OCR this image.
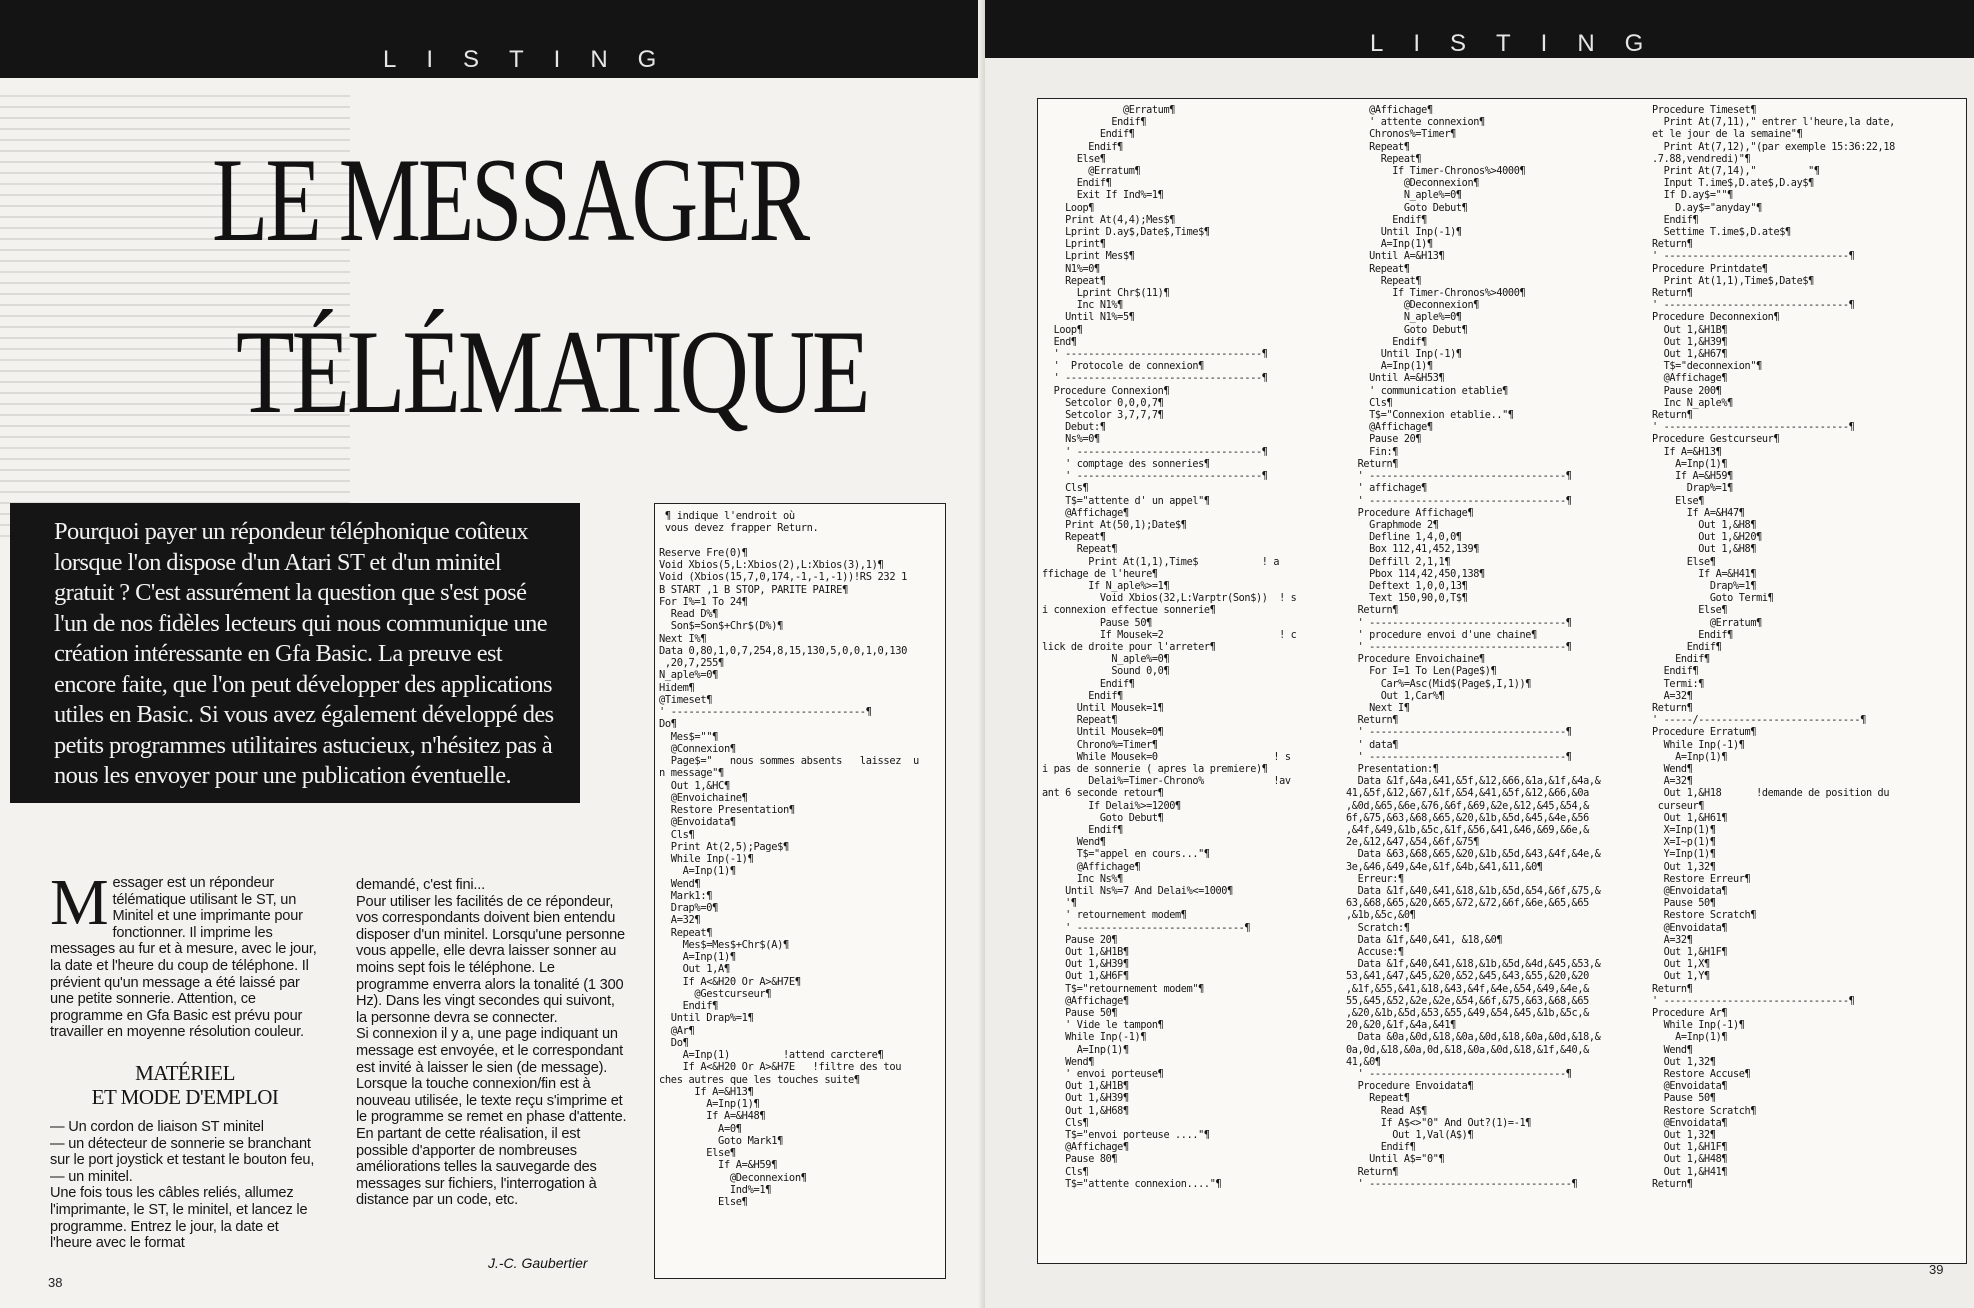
LISTING
LE MESSAGER
TÉLÉMATIQUE
Pourquoi payer un répondeur téléphonique coûteux lorsque l'on dispose d'un Atari ST et d'un minitel gratuit ? C'est assurément la question que s'est posé l'un de nos fidèles lecteurs qui nous communique une création intéressante en Gfa Basic. La preuve est encore faite, que l'on peut développer des applications utiles en Basic. Si vous avez également développé des petits programmes utilitaires astucieux, n'hésitez pas à nous les envoyer pour une publication éventuelle.

Messager est un répondeur télématique utilisant le ST, un Minitel et une imprimante pour fonctionner. Il imprime les messages au fur et à mesure, avec le jour, la date et l'heure du coup de téléphone. Il prévient qu'un message a été laissé par une petite sonnerie. Attention, ce programme en Gfa Basic est prévu pour travailler en moyenne résolution couleur.

MATÉRIEL
ET MODE D'EMPLOI

— Un cordon de liaison ST minitel
— un détecteur de sonnerie se branchant sur le port joystick et testant le bouton feu,
— un minitel.
Une fois tous les câbles reliés, allumez l'imprimante, le ST, le minitel, et lancez le programme. Entrez le jour, la date et l'heure avec le format

demandé, c'est fini...
Pour utiliser les facilités de ce répondeur, vos correspondants doivent bien entendu disposer d'un minitel. Lorsqu'une personne vous appelle, elle devra laisser sonner au moins sept fois le téléphone. Le programme enverra alors la tonalité (1 300 Hz). Dans les vingt secondes qui suivont, la personne devra se connecter.
Si connexion il y a, une page indiquant un message est envoyée, et le correspondant est invité à laisser le sien (de message). Lorsque la touche connexion/fin est à nouveau utilisée, le texte reçu s'imprime et le programme se remet en phase d'attente.
En partant de cette réalisation, il est possible d'apporter de nombreuses améliorations telles la sauvegarde des messages sur fichiers, l'interrogation à distance par un code, etc.
J.-C. Gaubertier
¶ indique l'endroit où
vous devez frapper Return.

Reserve Fre(0)¶
Void Xbios(5,L:Xbios(2),L:Xbios(3),1)¶
Void (Xbios(15,7,0,174,-1,-1,-1))!RS 232 1
B START ,1 B STOP, PARITE PAIRE¶
For I%=1 To 24¶
Read D%¶
Son$=Son$+Chr$(D%)¶
Next I%¶
Data 0,80,1,0,7,254,8,15,130,5,0,0,1,0,130
,20,7,255¶
N_aple%=0¶
Hidem¶
@Timeset¶
' ---------------------------------¶
Do¶
Mes$=""¶
@Connexion¶
Page$="   nous sommes absents   laissez  u
n message"¶
Out 1,&HC¶
@Envoichaine¶
Restore Presentation¶
@Envoidata¶
Cls¶
Print At(2,5);Page$¶
While Inp(-1)¶
A=Inp(1)¶
Wend¶
Mark1:¶
Drap%=0¶
A=32¶
Repeat¶
Mes$=Mes$+Chr$(A)¶
A=Inp(1)¶
Out 1,A¶
If A<&H20 Or A>&H7E¶
@Gestcurseur¶
Endif¶
Until Drap%=1¶
@Ar¶
Do¶
A=Inp(1)         !attend carctere¶
If A<&H20 Or A>&H7E   !filtre des tou
ches autres que les touches suite¶
If A=&H13¶
A=Inp(1)¶
If A=&H48¶
A=0¶
Goto Mark1¶
Else¶
If A=&H59¶
@Deconnexion¶
Ind%=1¶
Else¶
38
LISTING
@Erratum¶
Endif¶
Endif¶
Endif¶
Else¶
@Erratum¶
Endif¶
Exit If Ind%=1¶
Loop¶
Print At(4,4);Mes$¶
Lprint D.ay$,Date$,Time$¶
Lprint¶
Lprint Mes$¶
N1%=0¶
Repeat¶
Lprint Chr$(11)¶
Inc N1%¶
Until N1%=5¶
Loop¶
End¶
' ----------------------------------¶
'  Protocole de connexion¶
' ----------------------------------¶
Procedure Connexion¶
Setcolor 0,0,0,7¶
Setcolor 3,7,7,7¶
Debut:¶
Ns%=0¶
' --------------------------------¶
' comptage des sonneries¶
' --------------------------------¶
Cls¶
T$="attente d' un appel"¶
@Affichage¶
Print At(50,1);Date$¶
Repeat¶
Repeat¶
Print At(1,1),Time$           ! a
ffichage de l'heure¶
If N_aple%>=1¶
Void Xbios(32,L:Varptr(Son$))  ! s
i connexion effectue sonnerie¶
Pause 50¶
If Mousek=2                    ! c
lick de droite pour l'arreter¶
N_aple%=0¶
Sound 0,0¶
Endif¶
Endif¶
Until Mousek=1¶
Repeat¶
Until Mousek=0¶
Chrono%=Timer¶
While Mousek=0                    ! s
i pas de sonnerie ( apres la premiere)¶
Delai%=Timer-Chrono%            !av
ant 6 seconde retour¶
If Delai%>=1200¶
Goto Debut¶
Endif¶
Wend¶
T$="appel en cours..."¶
@Affichage¶
Inc Ns%¶
Until Ns%=7 And Delai%<=1000¶
'¶
' retournement modem¶
' -----------------------------¶
Pause 20¶
Out 1,&H1B¶
Out 1,&H39¶
Out 1,&H6F¶
T$="retournement modem"¶
@Affichage¶
Pause 50¶
' Vide le tampon¶
While Inp(-1)¶
A=Inp(1)¶
Wend¶
' envoi porteuse¶
Out 1,&H1B¶
Out 1,&H39¶
Out 1,&H68¶
Cls¶
T$="envoi porteuse ...."¶
@Affichage¶
Pause 80¶
Cls¶
T$="attente connexion...."¶
@Affichage¶
' attente connexion¶
Chronos%=Timer¶
Repeat¶
Repeat¶
If Timer-Chronos%>4000¶
@Deconnexion¶
N_aple%=0¶
Goto Debut¶
Endif¶
Until Inp(-1)¶
A=Inp(1)¶
Until A=&H13¶
Repeat¶
Repeat¶
If Timer-Chronos%>4000¶
@Deconnexion¶
N_aple%=0¶
Goto Debut¶
Endif¶
Until Inp(-1)¶
A=Inp(1)¶
Until A=&H53¶
' communication etablie¶
Cls¶
T$="Connexion etablie.."¶
@Affichage¶
Pause 20¶
Fin:¶
Return¶
' ----------------------------------¶
' affichage¶
' ----------------------------------¶
Procedure Affichage¶
Graphmode 2¶
Defline 1,4,0,0¶
Box 112,41,452,139¶
Deffill 2,1,1¶
Pbox 114,42,450,138¶
Deftext 1,0,0,13¶
Text 150,90,0,T$¶
Return¶
' ----------------------------------¶
' procedure envoi d'une chaine¶
' ----------------------------------¶
Procedure Envoichaine¶
For I=1 To Len(Page$)¶
Car%=Asc(Mid$(Page$,I,1))¶
Out 1,Car%¶
Next I¶
Return¶
' ----------------------------------¶
' data¶
' ----------------------------------¶
Presentation:¶
Data &1f,&4a,&41,&5f,&12,&66,&1a,&1f,&4a,&
41,&5f,&12,&67,&1f,&54,&41,&5f,&12,&66,&0a
,&0d,&65,&6e,&76,&6f,&69,&2e,&12,&45,&54,&
6f,&75,&63,&68,&65,&20,&1b,&5d,&45,&4e,&56
,&4f,&49,&1b,&5c,&1f,&56,&41,&46,&69,&6e,&
2e,&12,&47,&54,&6f,&75¶
Data &63,&68,&65,&20,&1b,&5d,&43,&4f,&4e,&
3e,&46,&49,&4e,&1f,&4b,&41,&11,&0¶
Erreur:¶
Data &1f,&40,&41,&18,&1b,&5d,&54,&6f,&75,&
63,&68,&65,&20,&65,&72,&72,&6f,&6e,&65,&65
,&1b,&5c,&0¶
Scratch:¶
Data &1f,&40,&41, &18,&0¶
Accuse:¶
Data &1f,&40,&41,&18,&1b,&5d,&4d,&45,&53,&
53,&41,&47,&45,&20,&52,&45,&43,&55,&20,&20
,&1f,&55,&41,&18,&43,&4f,&4e,&54,&49,&4e,&
55,&45,&52,&2e,&2e,&54,&6f,&75,&63,&68,&65
,&20,&1b,&5d,&53,&55,&49,&54,&45,&1b,&5c,&
20,&20,&1f,&4a,&41¶
Data &0a,&0d,&18,&0a,&0d,&18,&0a,&0d,&18,&
0a,0d,&18,&0a,0d,&18,&0a,&0d,&18,&1f,&40,&
41,&0¶
' ----------------------------------¶
Procedure Envoidata¶
Repeat¶
Read A$¶
If A$<>"0" And Out?(1)=-1¶
Out 1,Val(A$)¶
Endif¶
Until A$="0"¶
Return¶
' -----------------------------------¶
Procedure Timeset¶
Print At(7,11)," entrer l'heure,la date,
et le jour de la semaine"¶
Print At(7,12),"(par exemple 15:36:22,18
.7.88,vendredi)"¶
Print At(7,14),"         "¶
Input T.ime$,D.ate$,D.ay$¶
If D.ay$=""¶
D.ay$="anyday"¶
Endif¶
Settime T.ime$,D.ate$¶
Return¶
' --------------------------------¶
Procedure Printdate¶
Print At(1,1),Time$,Date$¶
Return¶
' --------------------------------¶
Procedure Deconnexion¶
Out 1,&H1B¶
Out 1,&H39¶
Out 1,&H67¶
T$="deconnexion"¶
@Affichage¶
Pause 200¶
Inc N_aple%¶
Return¶
' --------------------------------¶
Procedure Gestcurseur¶
If A=&H13¶
A=Inp(1)¶
If A=&H59¶
Drap%=1¶
Else¶
If A=&H47¶
Out 1,&H8¶
Out 1,&H20¶
Out 1,&H8¶
Else¶
If A=&H41¶
Drap%=1¶
Goto Termi¶
Else¶
@Erratum¶
Endif¶
Endif¶
Endif¶
Endif¶
Termi:¶
A=32¶
Return¶
' -----/----------------------------¶
Procedure Erratum¶
While Inp(-1)¶
A=Inp(1)¶
Wend¶
A=32¶
Out 1,&H18      !demande de position du
curseur¶
Out 1,&H61¶
X=Inp(1)¶
X=I~p(1)¶
Y=Inp(1)¶
Out 1,32¶
Restore Erreur¶
@Envoidata¶
Pause 50¶
Restore Scratch¶
@Envoidata¶
A=32¶
Out 1,&H1F¶
Out 1,X¶
Out 1,Y¶
Return¶
' --------------------------------¶
Procedure Ar¶
While Inp(-1)¶
A=Inp(1)¶
Wend¶
Out 1,32¶
Restore Accuse¶
@Envoidata¶
Pause 50¶
Restore Scratch¶
@Envoidata¶
Out 1,32¶
Out 1,&H1F¶
Out 1,&H48¶
Out 1,&H41¶
Return¶
39
